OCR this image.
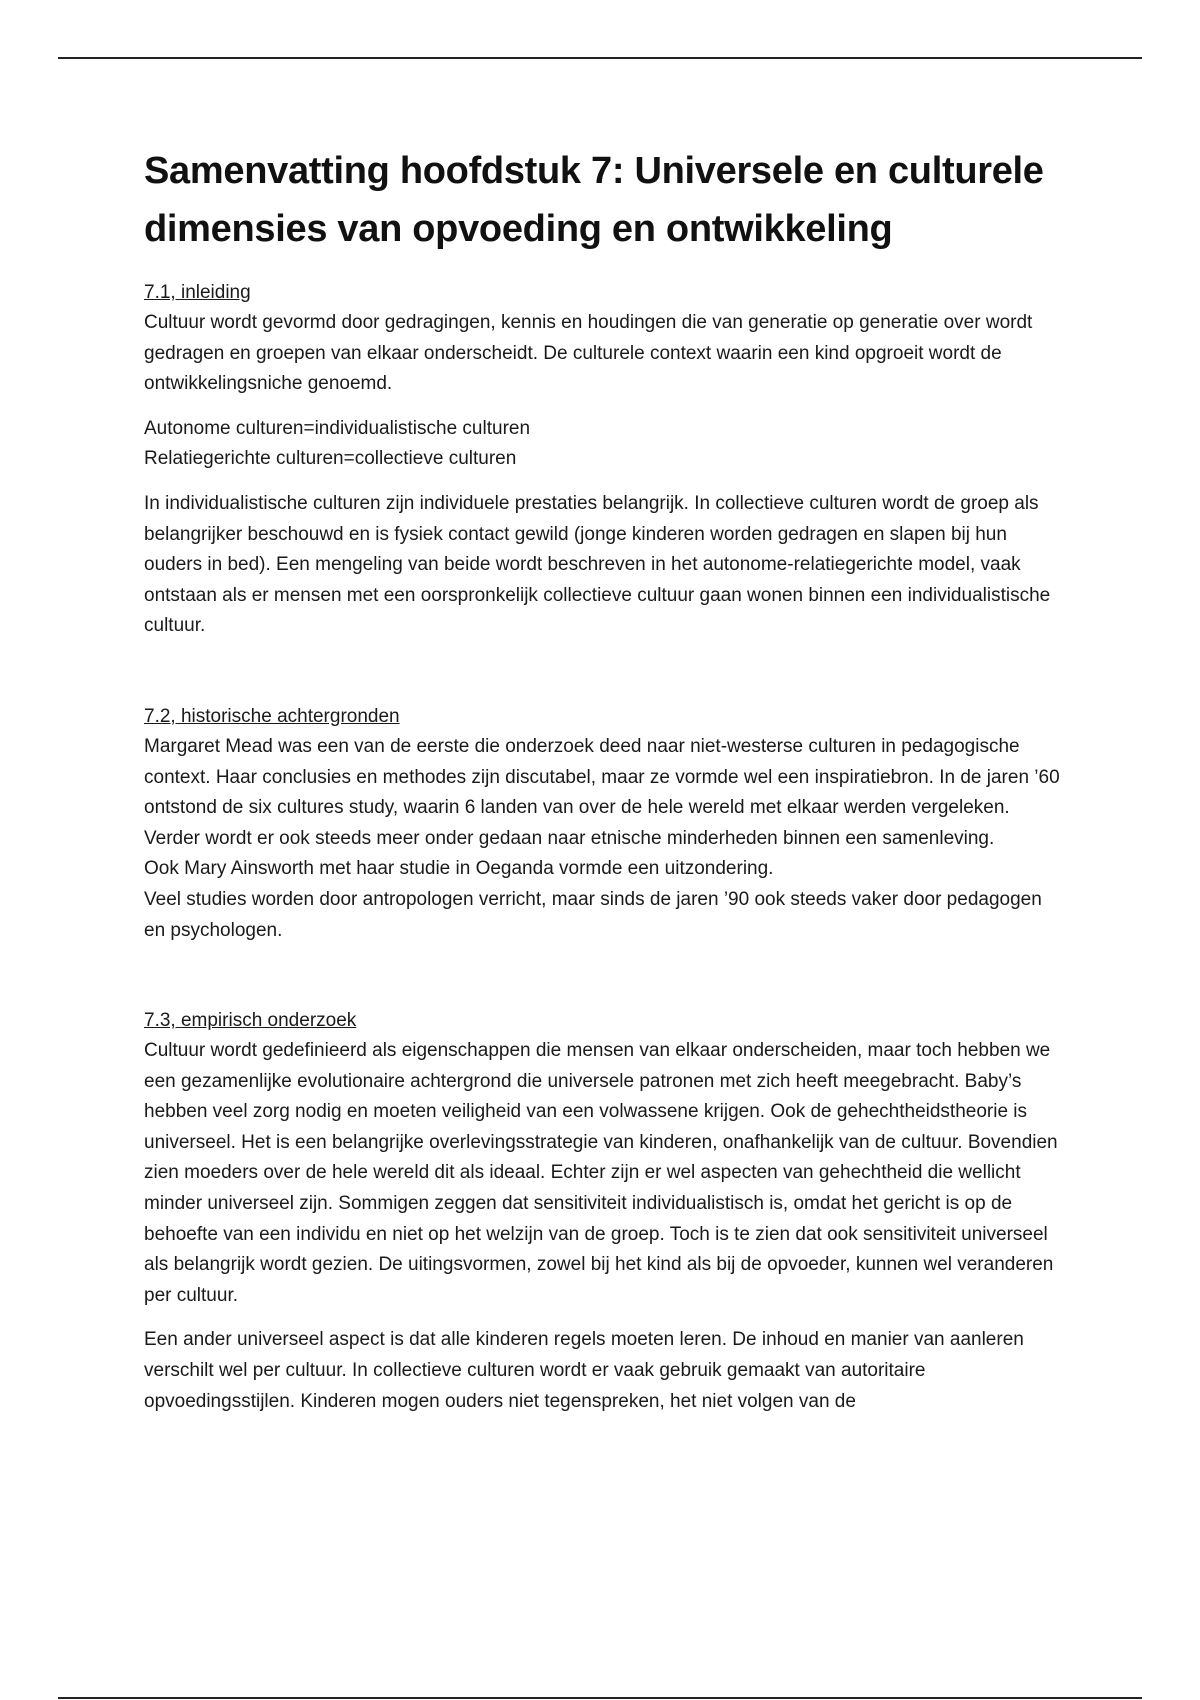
Samenvatting hoofdstuk 7: Universele en culturele dimensies van opvoeding en ontwikkeling

7.1, inleiding

Cultuur wordt gevormd door gedragingen, kennis en houdingen die van generatie op generatie over wordt gedragen en groepen van elkaar onderscheidt. De culturele context waarin een kind opgroeit wordt de ontwikkelingsniche genoemd.

Autonome culturen=individualistische culturen
Relatiegerichte culturen=collectieve culturen

In individualistische culturen zijn individuele prestaties belangrijk. In collectieve culturen wordt de groep als belangrijker beschouwd en is fysiek contact gewild (jonge kinderen worden gedragen en slapen bij hun ouders in bed). Een mengeling van beide wordt beschreven in het autonome-relatiegerichte model, vaak ontstaan als er mensen met een oorspronkelijk collectieve cultuur gaan wonen binnen een individualistische cultuur.

7.2, historische achtergronden

Margaret Mead was een van de eerste die onderzoek deed naar niet-westerse culturen in pedagogische context. Haar conclusies en methodes zijn discutabel, maar ze vormde wel een inspiratiebron. In de jaren ’60 ontstond de six cultures study, waarin 6 landen van over de hele wereld met elkaar werden vergeleken. Verder wordt er ook steeds meer onder gedaan naar etnische minderheden binnen een samenleving.

Ook Mary Ainsworth met haar studie in Oeganda vormde een uitzondering.

Veel studies worden door antropologen verricht, maar sinds de jaren ’90 ook steeds vaker door pedagogen en psychologen.

7.3, empirisch onderzoek

Cultuur wordt gedefinieerd als eigenschappen die mensen van elkaar onderscheiden, maar toch hebben we een gezamenlijke evolutionaire achtergrond die universele patronen met zich heeft meegebracht. Baby’s hebben veel zorg nodig en moeten veiligheid van een volwassene krijgen. Ook de gehechtheidstheorie is universeel. Het is een belangrijke overlevingsstrategie van kinderen, onafhankelijk van de cultuur. Bovendien zien moeders over de hele wereld dit als ideaal. Echter zijn er wel aspecten van gehechtheid die wellicht minder universeel zijn. Sommigen zeggen dat sensitiviteit individualistisch is, omdat het gericht is op de behoefte van een individu en niet op het welzijn van de groep. Toch is te zien dat ook sensitiviteit universeel als belangrijk wordt gezien. De uitingsvormen, zowel bij het kind als bij de opvoeder, kunnen wel veranderen per cultuur.

Een ander universeel aspect is dat alle kinderen regels moeten leren. De inhoud en manier van aanleren verschilt wel per cultuur. In collectieve culturen wordt er vaak gebruik gemaakt van autoritaire opvoedingsstijlen. Kinderen mogen ouders niet tegenspreken, het niet volgen van de
